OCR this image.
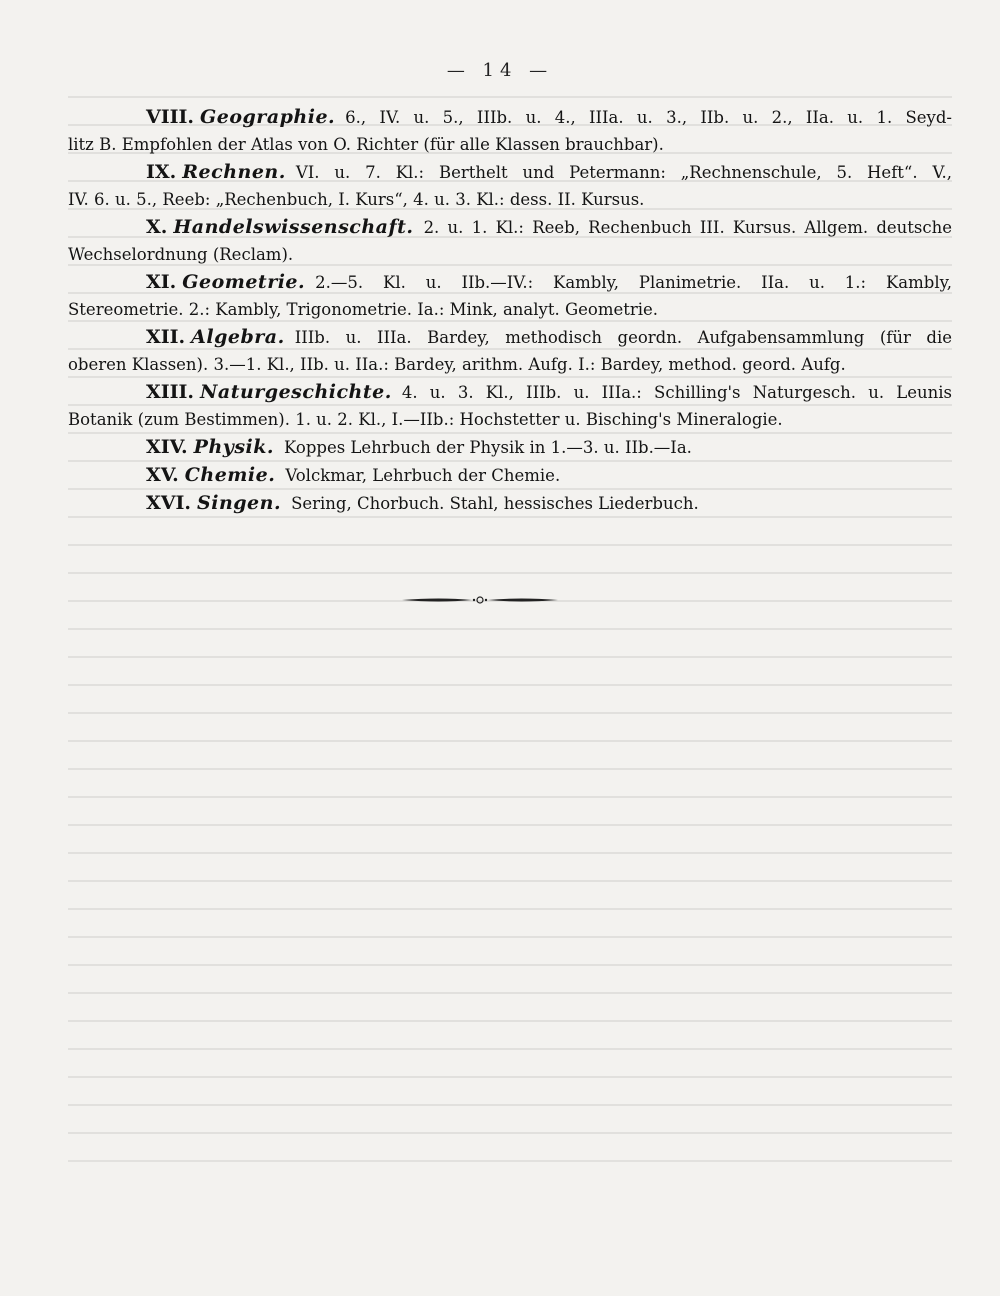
— 14 —
VIII. Geographie. 6., IV. u. 5., IIIb. u. 4., IIIa. u. 3., IIb. u. 2., IIa. u. 1. Seyd-
litz B. Empfohlen der Atlas von O. Richter (für alle Klassen brauchbar).
IX. Rechnen. VI. u. 7. Kl.: Berthelt und Petermann: „Rechnenschule, 5. Heft“. V.,
IV. 6. u. 5., Reeb: „Rechenbuch, I. Kurs“, 4. u. 3. Kl.: dess. II. Kursus.
X. Handelswissenschaft. 2. u. 1. Kl.: Reeb, Rechenbuch III. Kursus. Allgem. deutsche
Wechselordnung (Reclam).
XI. Geometrie. 2.—5. Kl. u. IIb.—IV.: Kambly, Planimetrie. IIa. u. 1.: Kambly,
Stereometrie. 2.: Kambly, Trigonometrie. Ia.: Mink, analyt. Geometrie.
XII. Algebra. IIIb. u. IIIa. Bardey, methodisch geordn. Aufgabensammlung (für die
oberen Klassen). 3.—1. Kl., IIb. u. IIa.: Bardey, arithm. Aufg. I.: Bardey, method. geord. Aufg.
XIII. Naturgeschichte. 4. u. 3. Kl., IIIb. u. IIIa.: Schilling's Naturgesch. u. Leunis
Botanik (zum Bestimmen). 1. u. 2. Kl., I.—IIb.: Hochstetter u. Bisching's Mineralogie.
XIV. Physik. Koppes Lehrbuch der Physik in 1.—3. u. IIb.—Ia.
XV. Chemie. Volckmar, Lehrbuch der Chemie.
XVI. Singen. Sering, Chorbuch. Stahl, hessisches Liederbuch.
